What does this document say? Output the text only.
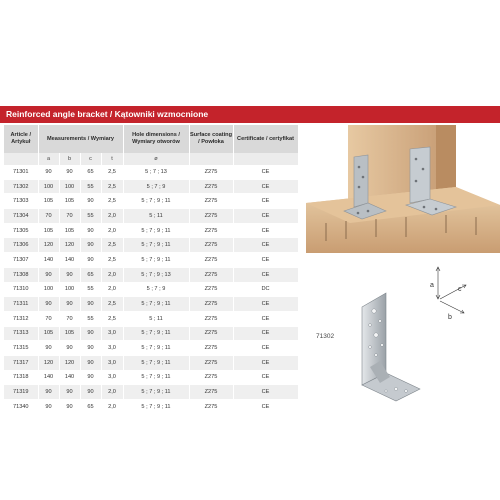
Reinforced angle bracket / Kątowniki wzmocnione
Article / Artykuł	Measurements / Wymiary				Hole dimensions / Wymiary otworów	Surface coating / Powłoka	Certificate / certyfikat
	a	b	c	t	ø		
71301	90	90	65	2,5	5 ; 7 ; 13	Z275	CE
71302	100	100	55	2,5	5 ; 7 ; 9	Z275	CE
71303	105	105	90	2,5	5 ; 7 ; 9 ; 11	Z275	CE
71304	70	70	55	2,0	5 ; 11	Z275	CE
71305	105	105	90	2,0	5 ; 7 ; 9 ; 11	Z275	CE
71306	120	120	90	2,5	5 ; 7 ; 9 ; 11	Z275	CE
71307	140	140	90	2,5	5 ; 7 ; 9 ; 11	Z275	CE
71308	90	90	65	2,0	5 ; 7 ; 9 ; 13	Z275	CE
71310	100	100	55	2,0	5 ; 7 ; 9	Z275	DC
71311	90	90	90	2,5	5 ; 7 ; 9 ; 11	Z275	CE
71312	70	70	55	2,5	5 ; 11	Z275	CE
71313	105	105	90	3,0	5 ; 7 ; 9 ; 11	Z275	CE
71315	90	90	90	3,0	5 ; 7 ; 9 ; 11	Z275	CE
71317	120	120	90	3,0	5 ; 7 ; 9 ; 11	Z275	CE
71318	140	140	90	3,0	5 ; 7 ; 9 ; 11	Z275	CE
71319	90	90	90	2,0	5 ; 7 ; 9 ; 11	Z275	CE
71340	90	90	65	2,0	5 ; 7 ; 9 ; 11	Z275	CE
a
c
b
71302
